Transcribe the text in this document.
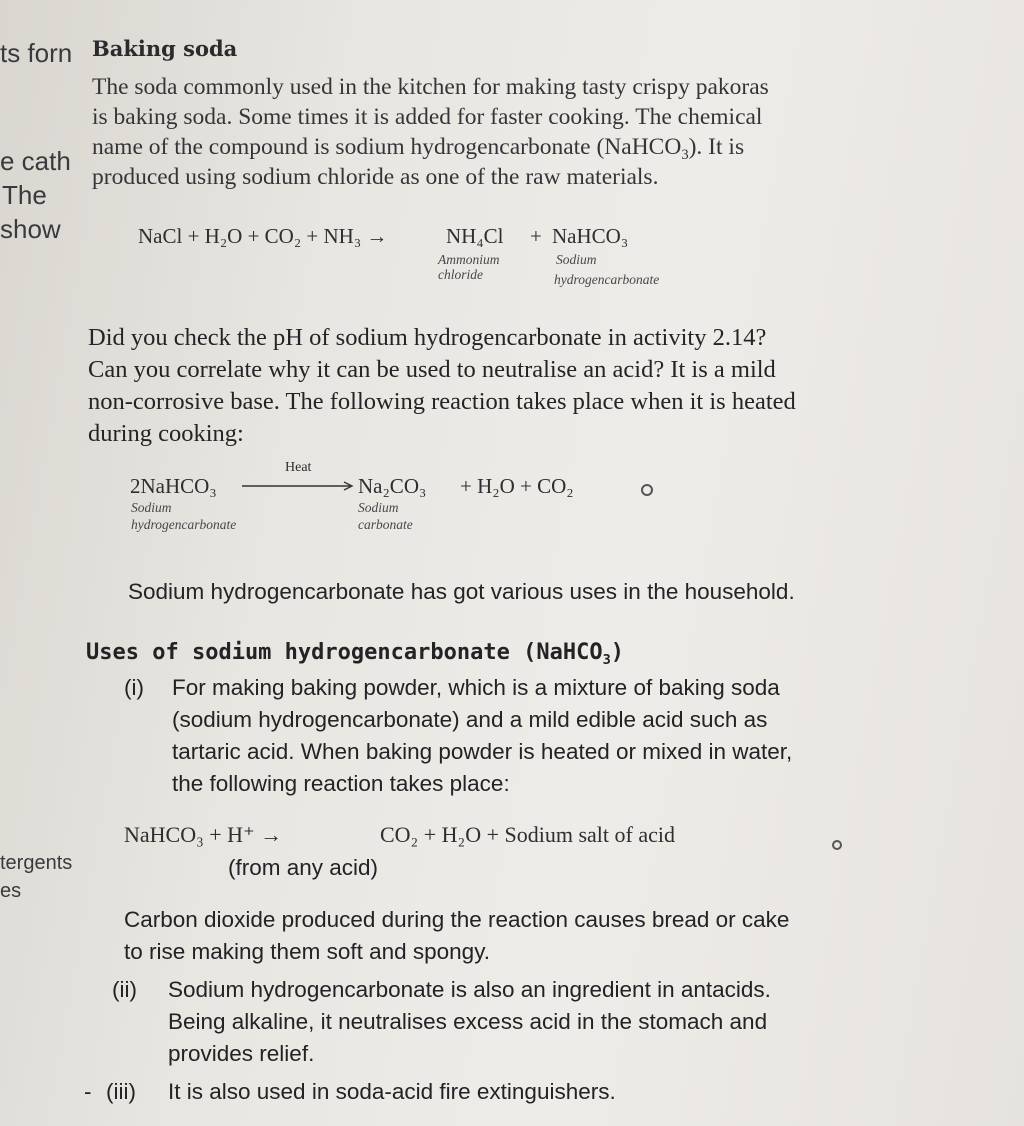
ts forn
e cath
The
show
tergents
es
Baking soda
The soda commonly used in the kitchen for making tasty crispy pakoras
is baking soda. Some times it is added for faster cooking. The chemical
name of the compound is sodium hydrogencarbonate (NaHCO$_3$). It is
produced using sodium chloride as one of the raw materials.
NaCl + H₂O + CO₂ + NH₃ →	NH₄Cl + NaHCO₃
Ammonium
chloride
Sodium
hydrogencarbonate
Did you check the pH of sodium hydrogencarbonate in activity 2.14?
Can you correlate why it can be used to neutralise an acid? It is a mild
non-corrosive base. The following reaction takes place when it is heated
during cooking:
2NaHCO₃
Heat
Na₂CO₃ + H₂O + CO₂
Sodium
hydrogencarbonate
Sodium
carbonate
Sodium hydrogencarbonate has got various uses in the household.
Uses of sodium hydrogencarbonate (NaHCO$_3$)
(i) For making baking powder, which is a mixture of baking soda
(sodium hydrogencarbonate) and a mild edible acid such as
tartaric acid. When baking powder is heated or mixed in water,
the following reaction takes place:
NaHCO₃ + H⁺ →	CO₂ + H₂O + Sodium salt of acid
(from any acid)
Carbon dioxide produced during the reaction causes bread or cake
to rise making them soft and spongy.
(ii) Sodium hydrogencarbonate is also an ingredient in antacids.
Being alkaline, it neutralises excess acid in the stomach and
provides relief.
- (iii) It is also used in soda-acid fire extinguishers.
